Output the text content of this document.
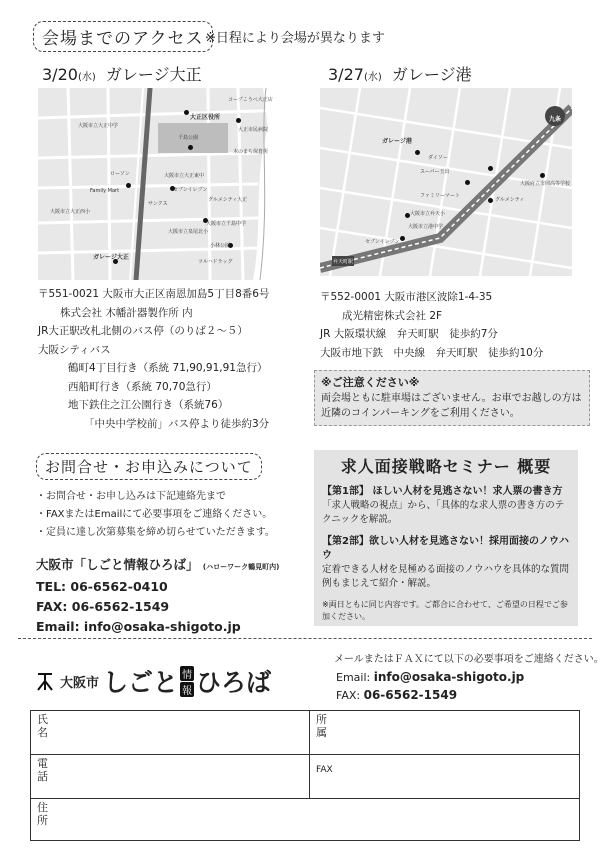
会場までのアクセス ※日程により会場が異なります
3/20(水) ガレージ大正
コープこうべ大正店
大正区役所
大阪市立大正中学
大正市民病院
千島公園
ローソン
Family Mart	セブンイレブン
大阪市立大正東中
サンクス
ガレージ大正
大阪市立泉尾北小
大阪市立千島中学
小林公園
ツルハドラッグ
グルメシティ大正
木のまち保育所
大阪市立大正西小

〒551-0021 大阪市大正区南恩加島5丁目8番6号

株式会社 木幡計器製作所 内

JR大正駅改札北側のバス停（のりば２〜５）

大阪シティバス

鶴町4丁目行き（系統 71,90,91,91急行）

西船町行き（系統 70,70急行）

地下鉄住之江公園行き（系統76）

「中央中学校前」バス停より徒歩約3分

3/27(水) ガレージ港
ガレージ港
ダイソー
スーパー玉出
ファミリーマート
グルメシティ
大阪市立弁天小
セブンイレブン
九条
弁天町駅
大阪市立港中学
大阪府立市岡高等学校

〒552-0001 大阪市港区波除1-4-35

成光精密株式会社 2F

JR 大阪環状線　弁天町駅　徒歩約7分

大阪市地下鉄　中央線　弁天町駅　徒歩約10分

※ご注意ください※
両会場ともに駐車場はございません。お車でお越しの方は近隣のコインパーキングをご利用ください。
お問合せ・お申込みについて

・お問合せ・お申し込みは下記連絡先まで

・FAXまたはEmailにて必要事項をご連絡ください。

・定員に達し次第募集を締め切らせていただきます。

大阪市「しごと情報ひろば」 (ハローワーク鶴見町内)

TEL: 06-6562-0410

FAX: 06-6562-1549

Email: info@osaka-shigoto.jp

求人面接戦略セミナー 概要
【第1部】 ほしい人材を見逃さない！求人票の書き方
「求人戦略の視点」から、「具体的な求人票の書き方のテクニックを解説。
【第2部】欲しい人材を見逃さない！採用面接のノウハウ
定着できる人材を見極める面接のノウハウを具体的な質問例もまじえて紹介・解説。
※両日ともに同じ内容です。ご都合に合わせて、ご希望の日程でご参加ください。
大阪市 しごと 情
報 ひろば
メールまたはＦＡＸにて以下の必要事項をご連絡ください。
Email: info@osaka-shigoto.jp
FAX: 06-6562-1549
氏名	所属
電話	FAX
住所	
